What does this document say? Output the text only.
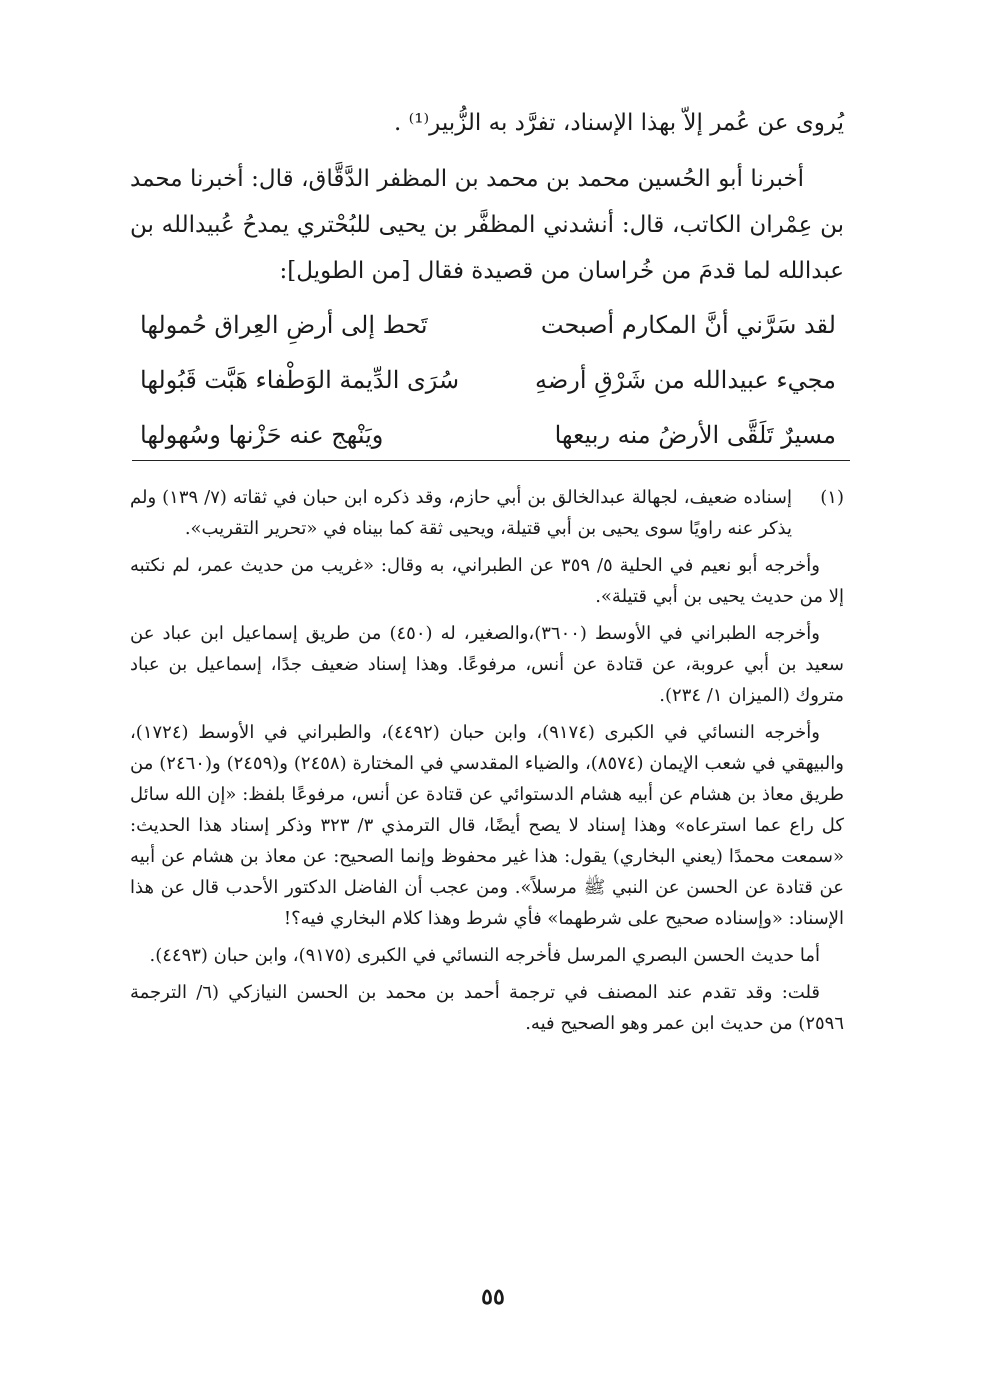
يُروى عن عُمر إلاّ بهذا الإسناد، تفرَّد به الزُّبير⁽¹⁾ .

أخبرنا أبو الحُسين محمد بن محمد بن المظفر الدَّقَّاق، قال: أخبرنا محمد بن عِمْران الكاتب، قال: أنشدني المظفَّر بن يحيى للبُحْتري يمدحُ عُبيدالله بن عبدالله لما قدمَ من خُراسان من قصيدة فقال [من الطويل]:

لقد سَرَّني أنَّ المكارم أصبحت
تَحط إلى أرضِ العِراق حُمولها
مجيء عبيدالله من شَرْقِ أرضهِ
سُرَى الدِّيمة الوَطْفاء هَبَّت قَبُولها
مسيرٌ تَلَقَّى الأرضُ منه ربيعها
ويَنْهج عنه حَزْنها وسُهولها
(١)

إسناده ضعيف، لجهالة عبدالخالق بن أبي حازم، وقد ذكره ابن حبان في ثقاته (٧/ ١٣٩) ولم يذكر عنه راويًا سوى يحيى بن أبي قتيلة، ويحيى ثقة كما بيناه في «تحرير التقريب».

وأخرجه أبو نعيم في الحلية ٥/ ٣٥٩ عن الطبراني، به وقال: «غريب من حديث عمر، لم نكتبه إلا من حديث يحيى بن أبي قتيلة».

وأخرجه الطبراني في الأوسط (٣٦٠٠)،والصغير، له (٤٥٠) من طريق إسماعيل ابن عباد عن سعيد بن أبي عروبة، عن قتادة عن أنس، مرفوعًا. وهذا إسناد ضعيف جدًا، إسماعيل بن عباد متروك (الميزان ١/ ٢٣٤).

وأخرجه النسائي في الكبرى (٩١٧٤)، وابن حبان (٤٤٩٢)، والطبراني في الأوسط (١٧٢٤)، والبيهقي في شعب الإيمان (٨٥٧٤)، والضياء المقدسي في المختارة (٢٤٥٨) و(٢٤٥٩) و(٢٤٦٠) من طريق معاذ بن هشام عن أبيه هشام الدستوائي عن قتادة عن أنس، مرفوعًا بلفظ: «إن الله سائل كل راع عما استرعاه» وهذا إسناد لا يصح أيضًا، قال الترمذي ٣/ ٣٢٣ وذكر إسناد هذا الحديث: «سمعت محمدًا (يعني البخاري) يقول: هذا غير محفوظ وإنما الصحيح: عن معاذ بن هشام عن أبيه عن قتادة عن الحسن عن النبي ﷺ مرسلاً». ومن عجب أن الفاضل الدكتور الأحدب قال عن هذا الإسناد: «وإسناده صحيح على شرطهما» فأي شرط وهذا كلام البخاري فيه؟!

أما حديث الحسن البصري المرسل فأخرجه النسائي في الكبرى (٩١٧٥)، وابن حبان (٤٤٩٣).

قلت: وقد تقدم عند المصنف في ترجمة أحمد بن محمد بن الحسن النيازكي (٦/ الترجمة ٢٥٩٦) من حديث ابن عمر وهو الصحيح فيه.

٥٥
